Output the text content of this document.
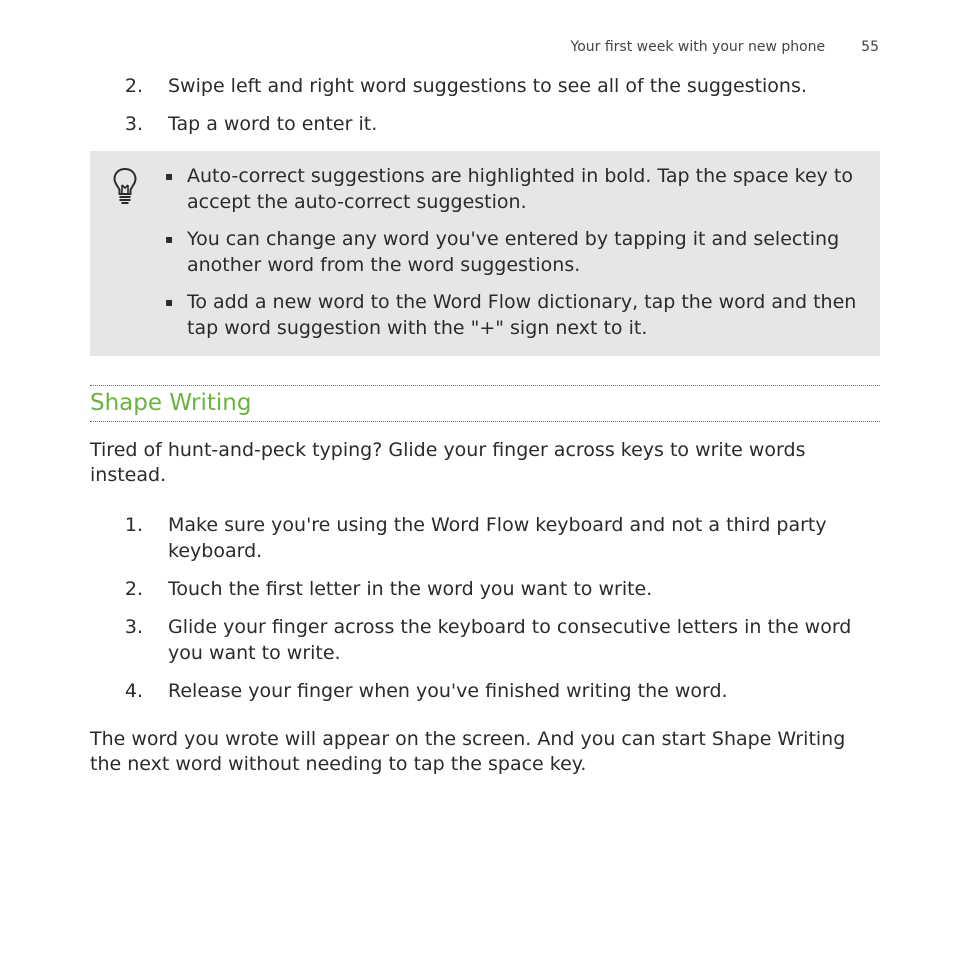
Your first week with your new phone	55
2. Swipe left and right word suggestions to see all of the suggestions.
3. Tap a word to enter it.
▪ Auto-correct suggestions are highlighted in bold. Tap the space key to accept the auto-correct suggestion.
▪ You can change any word you've entered by tapping it and selecting another word from the word suggestions.
▪ To add a new word to the Word Flow dictionary, tap the word and then tap word suggestion with the "+" sign next to it.
Shape Writing
Tired of hunt-and-peck typing? Glide your finger across keys to write words instead.
1. Make sure you're using the Word Flow keyboard and not a third party keyboard.
2. Touch the first letter in the word you want to write.
3. Glide your finger across the keyboard to consecutive letters in the word you want to write.
4. Release your finger when you've finished writing the word.
The word you wrote will appear on the screen. And you can start Shape Writing the next word without needing to tap the space key.
